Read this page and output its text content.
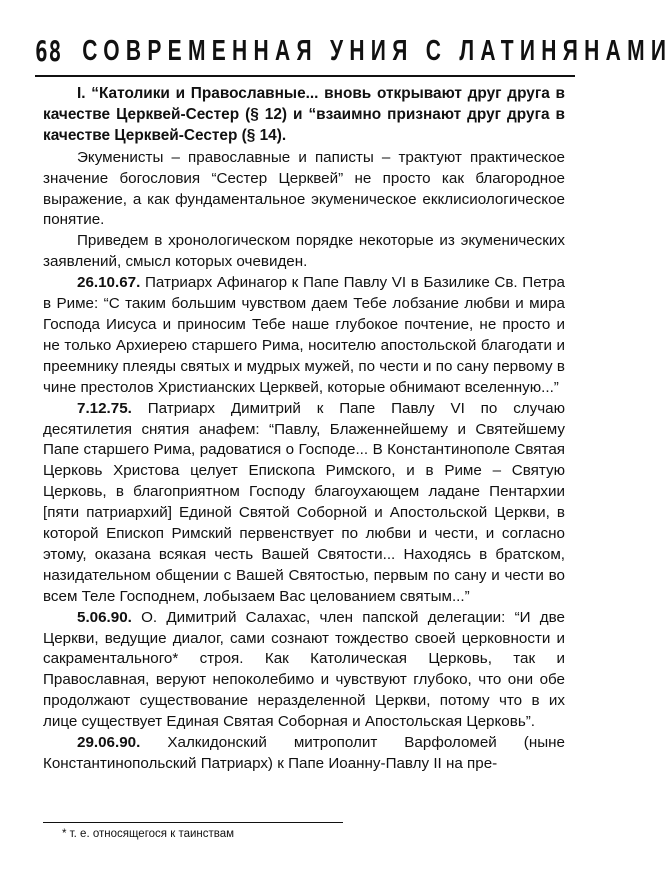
68 СОВРЕМЕННАЯ УНИЯ С ЛАТИНЯНАМИ

I. “Католики и Православные... вновь открывают друг друга в качестве Церквей-Сестер (§ 12) и “взаимно признают друг друга в качестве Церквей-Сестер (§ 14).

Экуменисты – православные и паписты – трактуют практическое значение богословия “Сестер Церквей” не просто как благородное выражение, а как фундаментальное экуменическое екклисиологическое понятие.

Приведем в хронологическом порядке некоторые из экуменических заявлений, смысл которых очевиден.

26.10.67. Патриарх Афинагор к Папе Павлу VI в Базилике Св. Петра в Риме: “С таким большим чувством даем Тебе лобзание любви и мира Господа Иисуса и приносим Тебе наше глубокое почтение, не просто и не только Архиерею старшего Рима, носителю апостольской благодати и преемнику плеяды святых и мудрых мужей, по чести и по сану первому в чине престолов Христианских Церквей, которые обнимают вселенную...”

7.12.75. Патриарх Димитрий к Папе Павлу VI по случаю десятилетия снятия анафем: “Павлу, Блаженнейшему и Святейшему Папе старшего Рима, радоватися о Господе... В Константинополе Святая Церковь Христова целует Епископа Римского, и в Риме – Святую Церковь, в благоприятном Господу благоухающем ладане Пентархии [пяти патриархий] Единой Святой Соборной и Апостольской Церкви, в которой Епископ Римский первенствует по любви и чести, и согласно этому, оказана всякая честь Вашей Святости... Находясь в братском, назидательном общении с Вашей Святостью, первым по сану и чести во всем Теле Господнем, лобызаем Вас целованием святым...”

5.06.90. О. Димитрий Салахас, член папской делегации: “И две Церкви, ведущие диалог, сами сознают тождество своей церковности и сакраментального* строя. Как Католическая Церковь, так и Православная, веруют непоколебимо и чувствуют глубоко, что они обе продолжают существование неразделенной Церкви, потому что в их лице существует Единая Святая Соборная и Апостольская Церковь”.

29.06.90. Халкидонский митрополит Варфоломей (ныне Константинопольский Патриарх) к Папе Иоанну-Павлу II на пре-

* т. е. относящегося к таинствам
